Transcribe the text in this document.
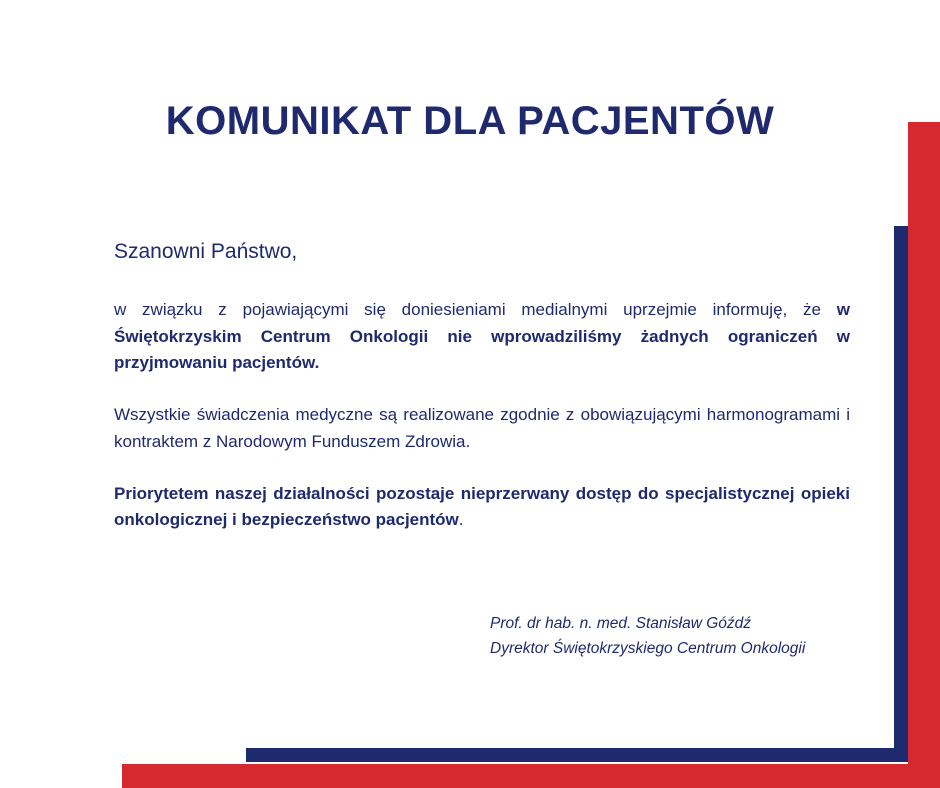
KOMUNIKAT DLA PACJENTÓW

Szanowni Państwo,

w związku z pojawiającymi się doniesieniami medialnymi uprzejmie informuję, że w Świętokrzyskim Centrum Onkologii nie wprowadziliśmy żadnych ograniczeń w przyjmowaniu pacjentów.

Wszystkie świadczenia medyczne są realizowane zgodnie z obowiązującymi harmonogramami i kontraktem z Narodowym Funduszem Zdrowia.

Priorytetem naszej działalności pozostaje nieprzerwany dostęp do specjalistycznej opieki onkologicznej i bezpieczeństwo pacjentów.

Prof. dr hab. n. med. Stanisław Góźdź
Dyrektor Świętokrzyskiego Centrum Onkologii
